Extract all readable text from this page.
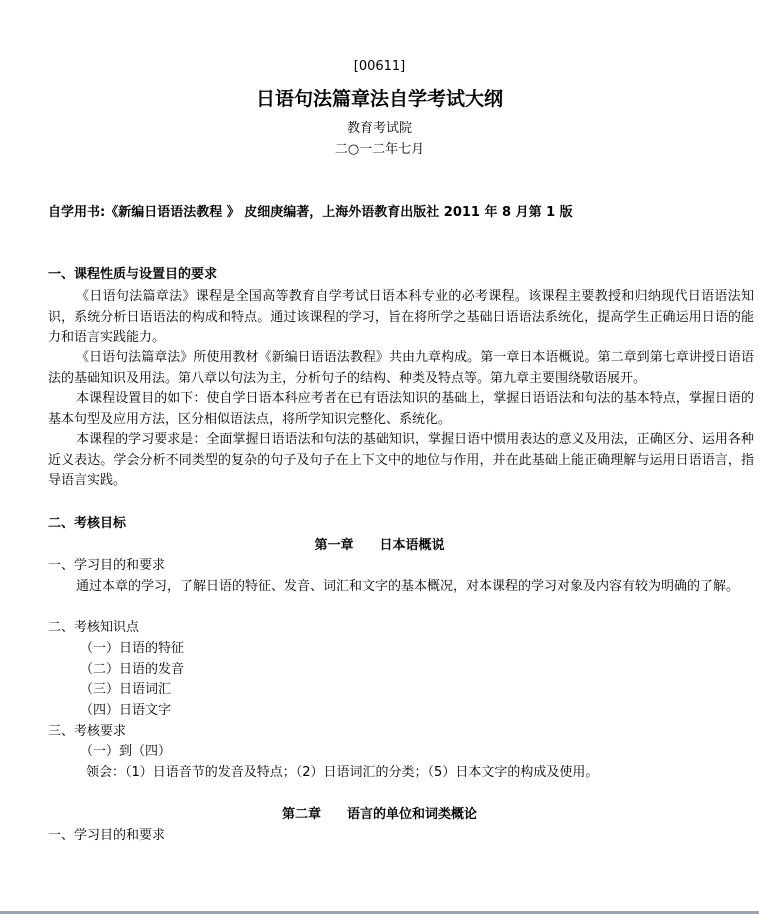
[00611]
日语句法篇章法自学考试大纲
教育考试院
二○一二年七月
自学用书:《新编日语语法教程 》 皮细庚编著，上海外语教育出版社 2011 年 8 月第 1 版
一、课程性质与设置目的要求
《日语句法篇章法》课程是全国高等教育自学考试日语本科专业的必考课程。该课程主要教授和归纳现代日语语法知识，系统分析日语语法的构成和特点。通过该课程的学习，旨在将所学之基础日语语法系统化，提高学生正确运用日语的能力和语言实践能力。
《日语句法篇章法》所使用教材《新编日语语法教程》共由九章构成。第一章日本语概说。第二章到第七章讲授日语语法的基础知识及用法。第八章以句法为主，分析句子的结构、种类及特点等。第九章主要围绕敬语展开。
本课程设置目的如下：使自学日语本科应考者在已有语法知识的基础上，掌握日语语法和句法的基本特点，掌握日语的基本句型及应用方法，区分相似语法点，将所学知识完整化、系统化。
本课程的学习要求是：全面掌握日语语法和句法的基础知识，掌握日语中惯用表达的意义及用法，正确区分、运用各种近义表达。学会分析不同类型的复杂的句子及句子在上下文中的地位与作用，并在此基础上能正确理解与运用日语语言，指导语言实践。
二、考核目标
第一章　　日本语概说
一、学习目的和要求
通过本章的学习，了解日语的特征、发音、词汇和文字的基本概况，对本课程的学习对象及内容有较为明确的了解。
二、考核知识点
（一）日语的特征
（二）日语的发音
（三）日语词汇
（四）日语文字
三、考核要求
（一）到（四）
领会：（1）日语音节的发音及特点；（2）日语词汇的分类；（5）日本文字的构成及使用。
第二章　　语言的单位和词类概论
一、学习目的和要求
